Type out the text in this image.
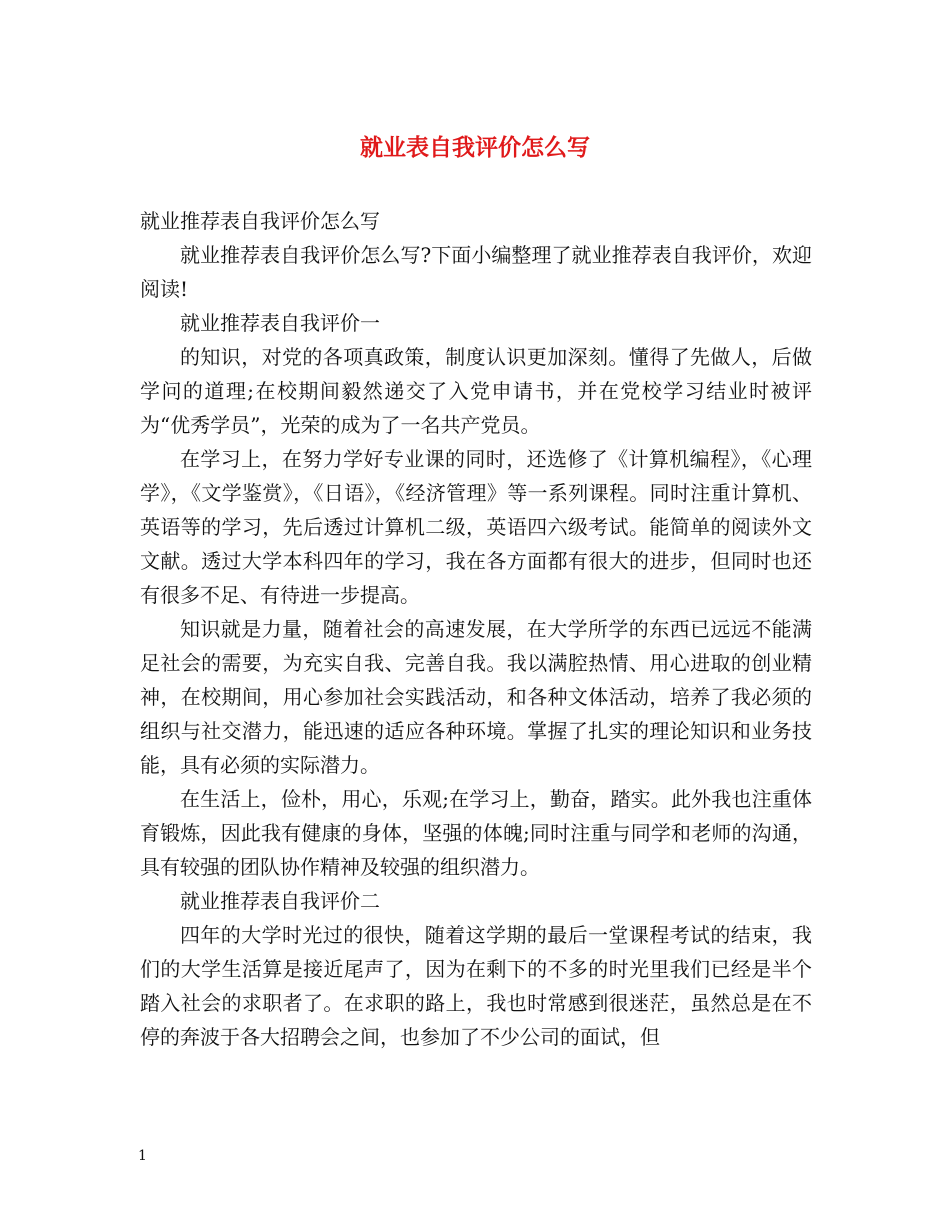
就业表自我评价怎么写

就业推荐表自我评价怎么写

就业推荐表自我评价怎么写?下面小编整理了就业推荐表自我评价，欢迎阅读!

就业推荐表自我评价一

的知识，对党的各项真政策，制度认识更加深刻。懂得了先做人，后做学问的道理;在校期间毅然递交了入党申请书，并在党校学习结业时被评为“优秀学员”，光荣的成为了一名共产党员。

在学习上，在努力学好专业课的同时，还选修了《计算机编程》，《心理学》，《文学鉴赏》，《日语》，《经济管理》等一系列课程。同时注重计算机、英语等的学习，先后透过计算机二级，英语四六级考试。能简单的阅读外文文献。透过大学本科四年的学习，我在各方面都有很大的进步，但同时也还有很多不足、有待进一步提高。

知识就是力量，随着社会的高速发展，在大学所学的东西已远远不能满足社会的需要，为充实自我、完善自我。我以满腔热情、用心进取的创业精神，在校期间，用心参加社会实践活动，和各种文体活动，培养了我必须的组织与社交潜力，能迅速的适应各种环境。掌握了扎实的理论知识和业务技能，具有必须的实际潜力。

在生活上，俭朴，用心，乐观;在学习上，勤奋，踏实。此外我也注重体育锻炼，因此我有健康的身体，坚强的体魄;同时注重与同学和老师的沟通，具有较强的团队协作精神及较强的组织潜力。

就业推荐表自我评价二

四年的大学时光过的很快，随着这学期的最后一堂课程考试的结束，我们的大学生活算是接近尾声了，因为在剩下的不多的时光里我们已经是半个踏入社会的求职者了。在求职的路上，我也时常感到很迷茫，虽然总是在不停的奔波于各大招聘会之间，也参加了不少公司的面试，但

1
